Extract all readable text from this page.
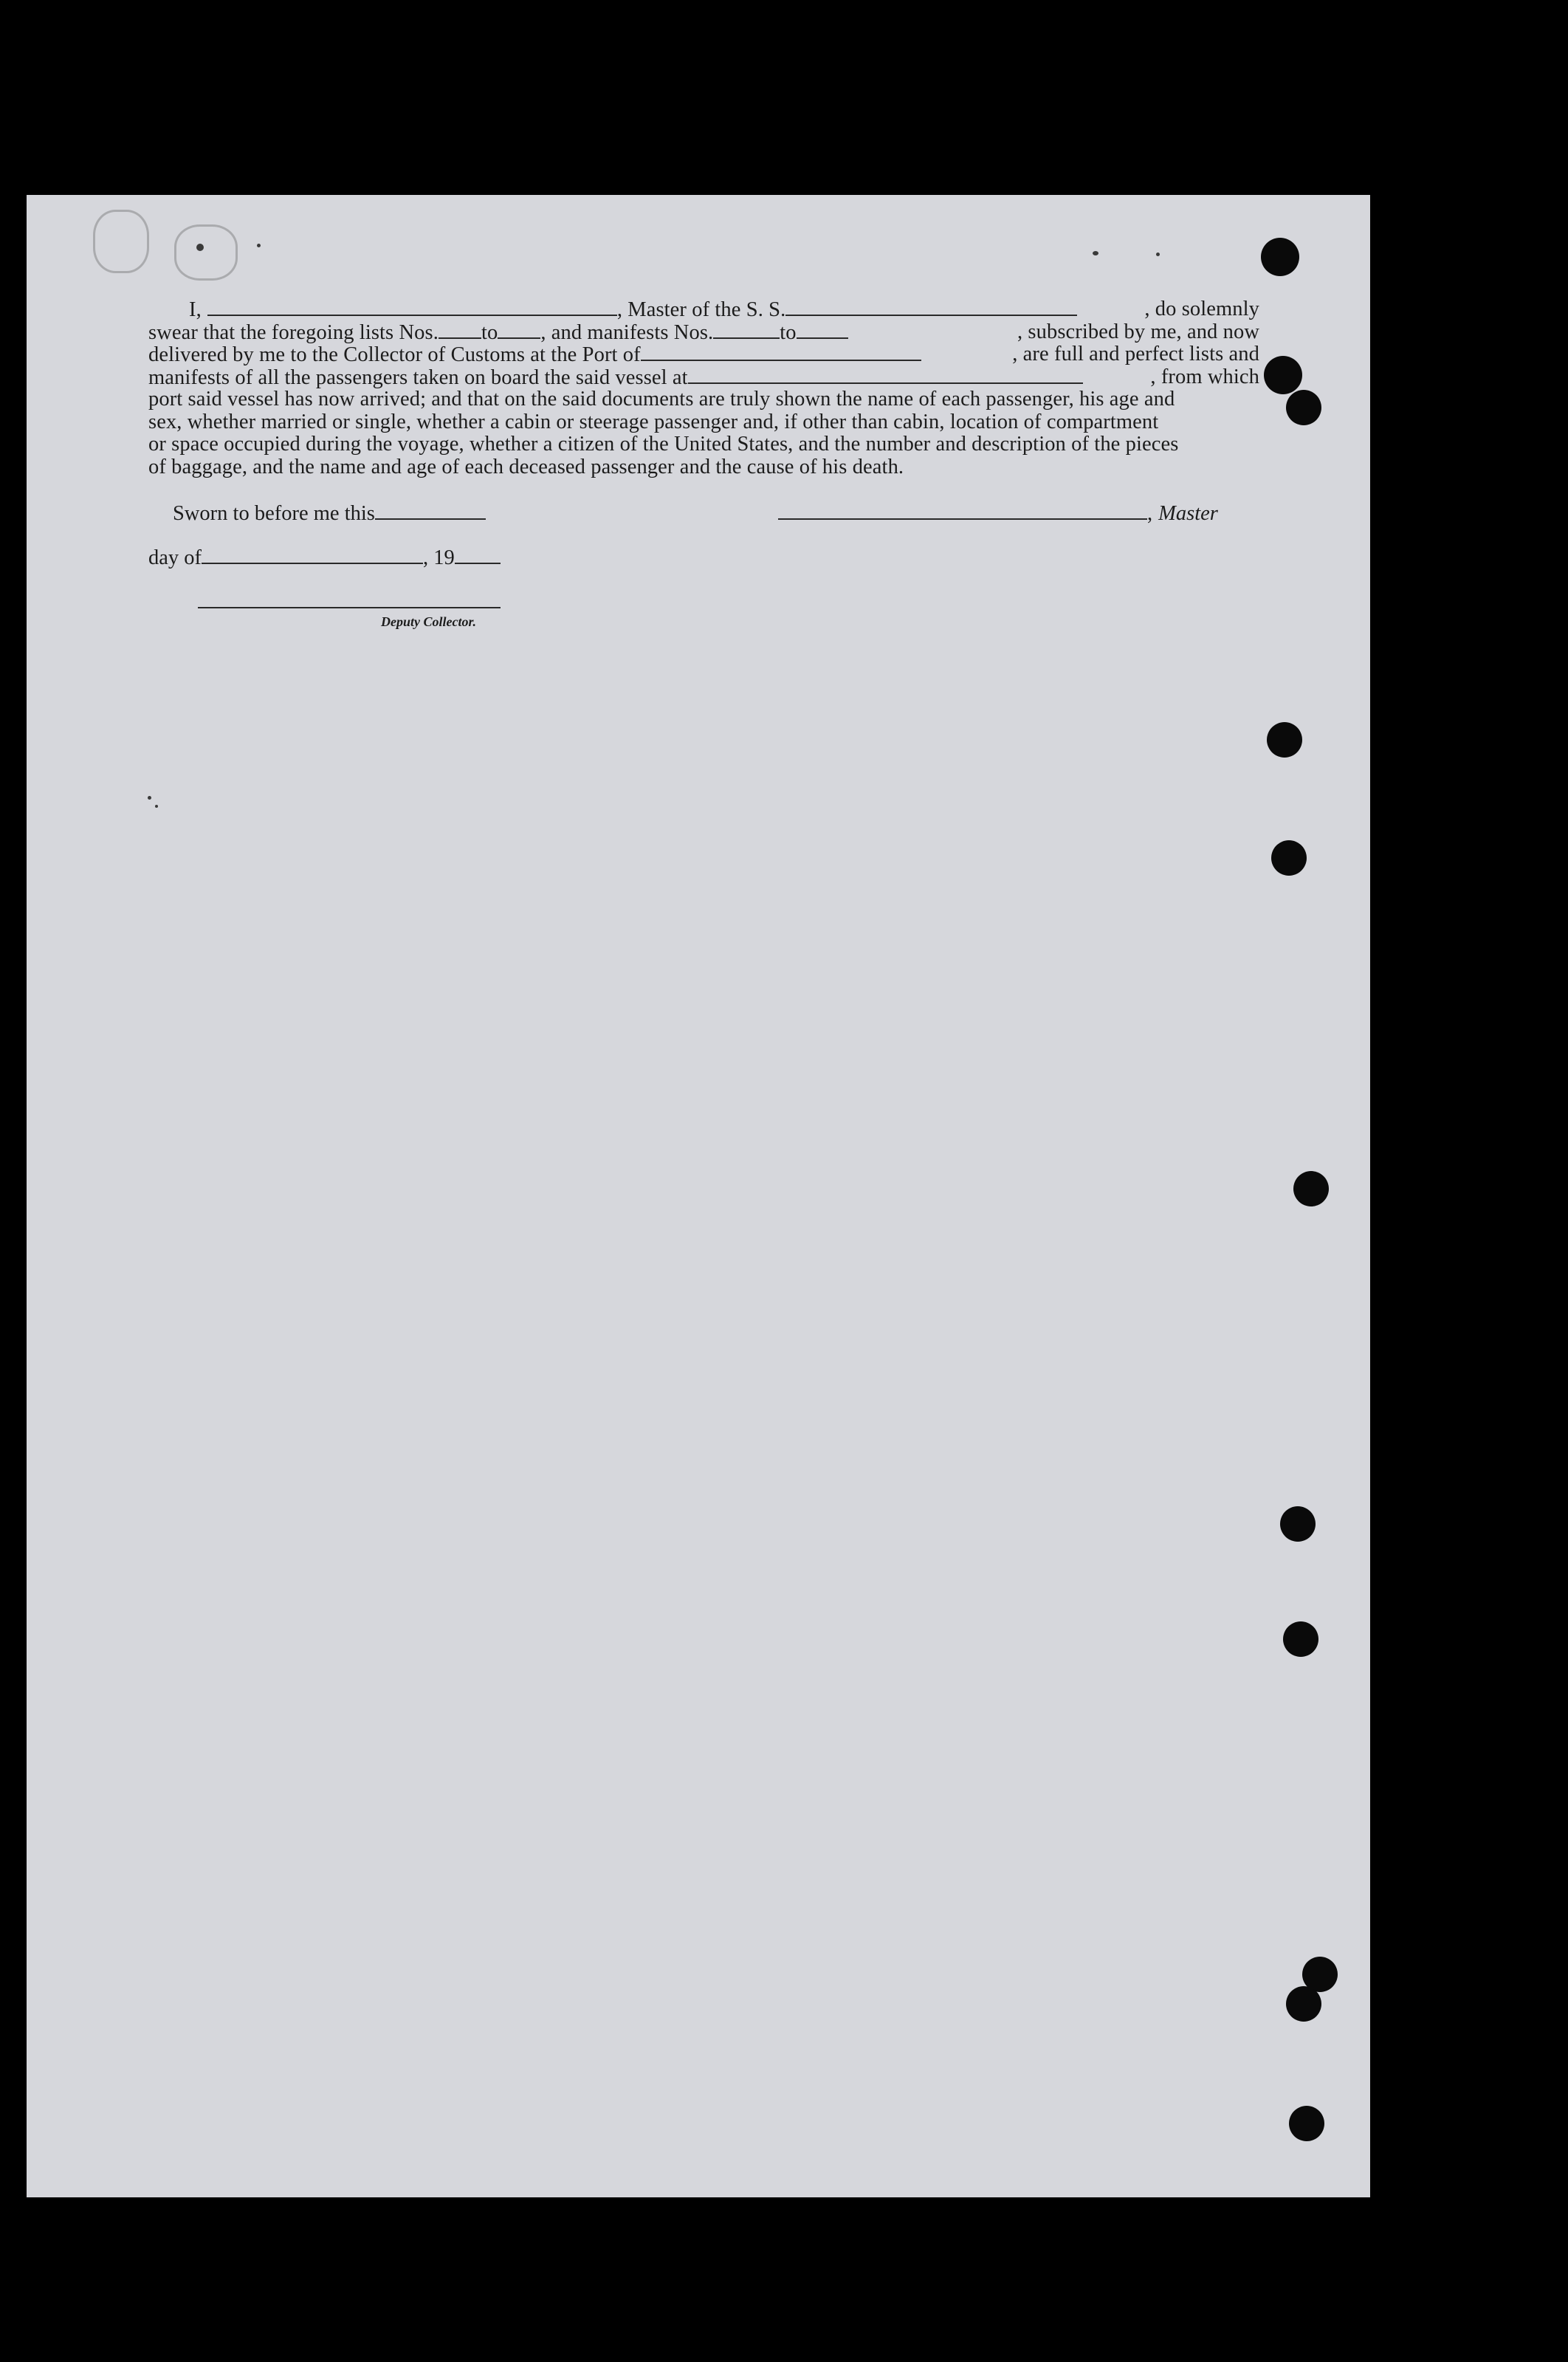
I,	, Master of the S. S.	, do solemnly
swear that the foregoing lists Nos. to , and manifests Nos.	to	, subscribed by me, and now
delivered by me to the Collector of Customs at the Port of	, are full and perfect lists and
manifests of all the passengers taken on board the said vessel at	, from which
port said vessel has now arrived; and that on the said documents are truly shown the name of each passenger, his age and
sex, whether married or single, whether a cabin or steerage passenger and, if other than cabin, location of compartment
or space occupied during the voyage, whether a citizen of the United States, and the number and description of the pieces
of baggage, and the name and age of each deceased passenger and the cause of his death.
Sworn to before me this	, Master
day of	, 19
Deputy Collector.
